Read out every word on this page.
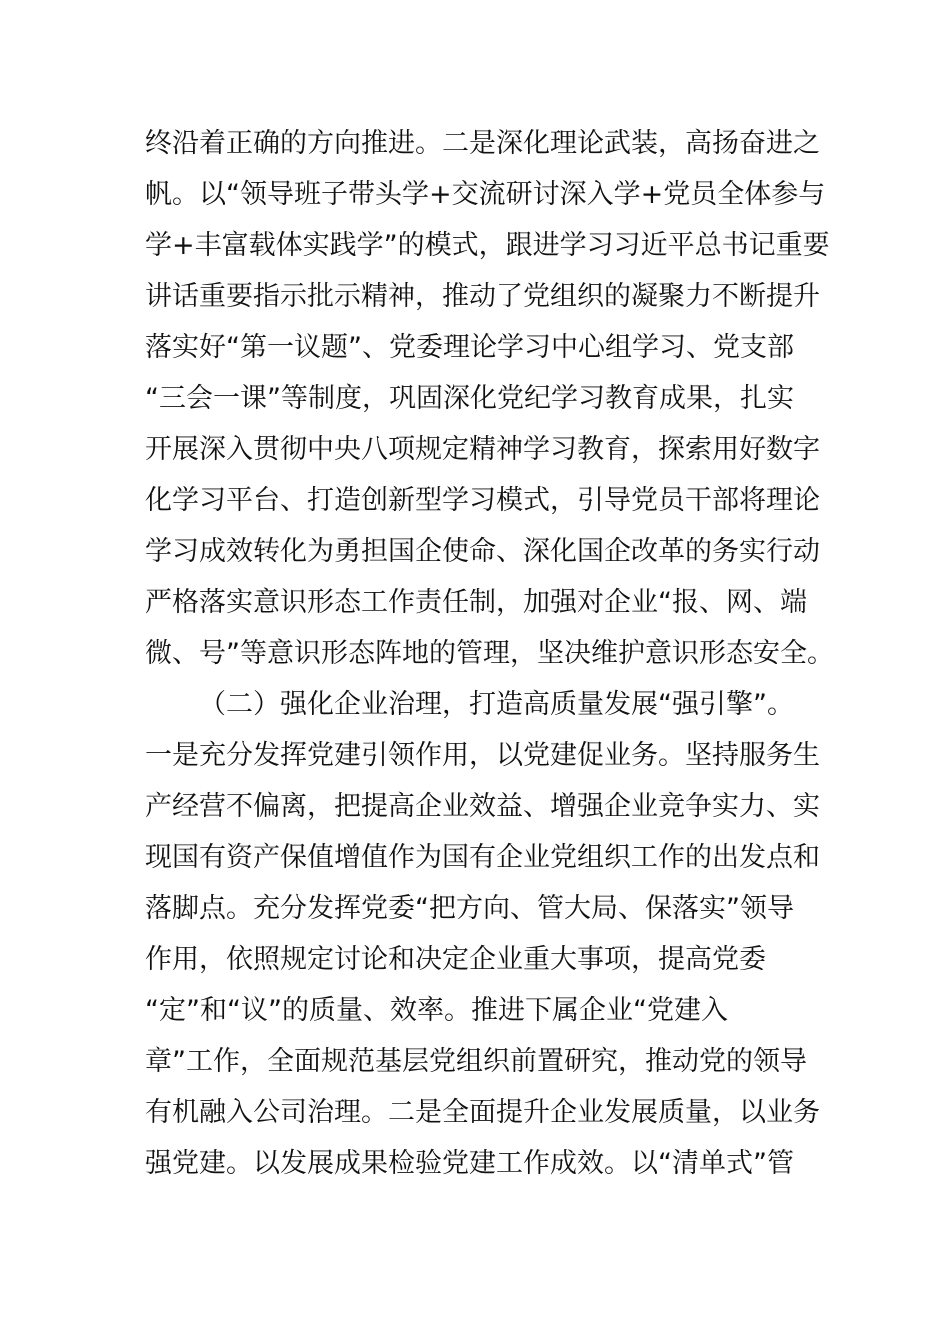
终沿着正确的方向推进。二是深化理论武装，高扬奋进之
帆。以“领导班子带头学+交流研讨深入学+党员全体参与
学+丰富载体实践学”的模式，跟进学习习近平总书记重要
讲话重要指示批示精神，推动了党组织的凝聚力不断提升
落实好“第一议题”、党委理论学习中心组学习、党支部
“三会一课”等制度，巩固深化党纪学习教育成果，扎实
开展深入贯彻中央八项规定精神学习教育，探索用好数字
化学习平台、打造创新型学习模式，引导党员干部将理论
学习成效转化为勇担国企使命、深化国企改革的务实行动
严格落实意识形态工作责任制，加强对企业“报、网、端
微、号”等意识形态阵地的管理，坚决维护意识形态安全。
（二）强化企业治理，打造高质量发展“强引擎”。
一是充分发挥党建引领作用，以党建促业务。坚持服务生
产经营不偏离，把提高企业效益、增强企业竞争实力、实
现国有资产保值增值作为国有企业党组织工作的出发点和
落脚点。充分发挥党委“把方向、管大局、保落实”领导
作用，依照规定讨论和决定企业重大事项，提高党委
“定”和“议”的质量、效率。推进下属企业“党建入
章”工作，全面规范基层党组织前置研究，推动党的领导
有机融入公司治理。二是全面提升企业发展质量，以业务
强党建。以发展成果检验党建工作成效。以“清单式”管
